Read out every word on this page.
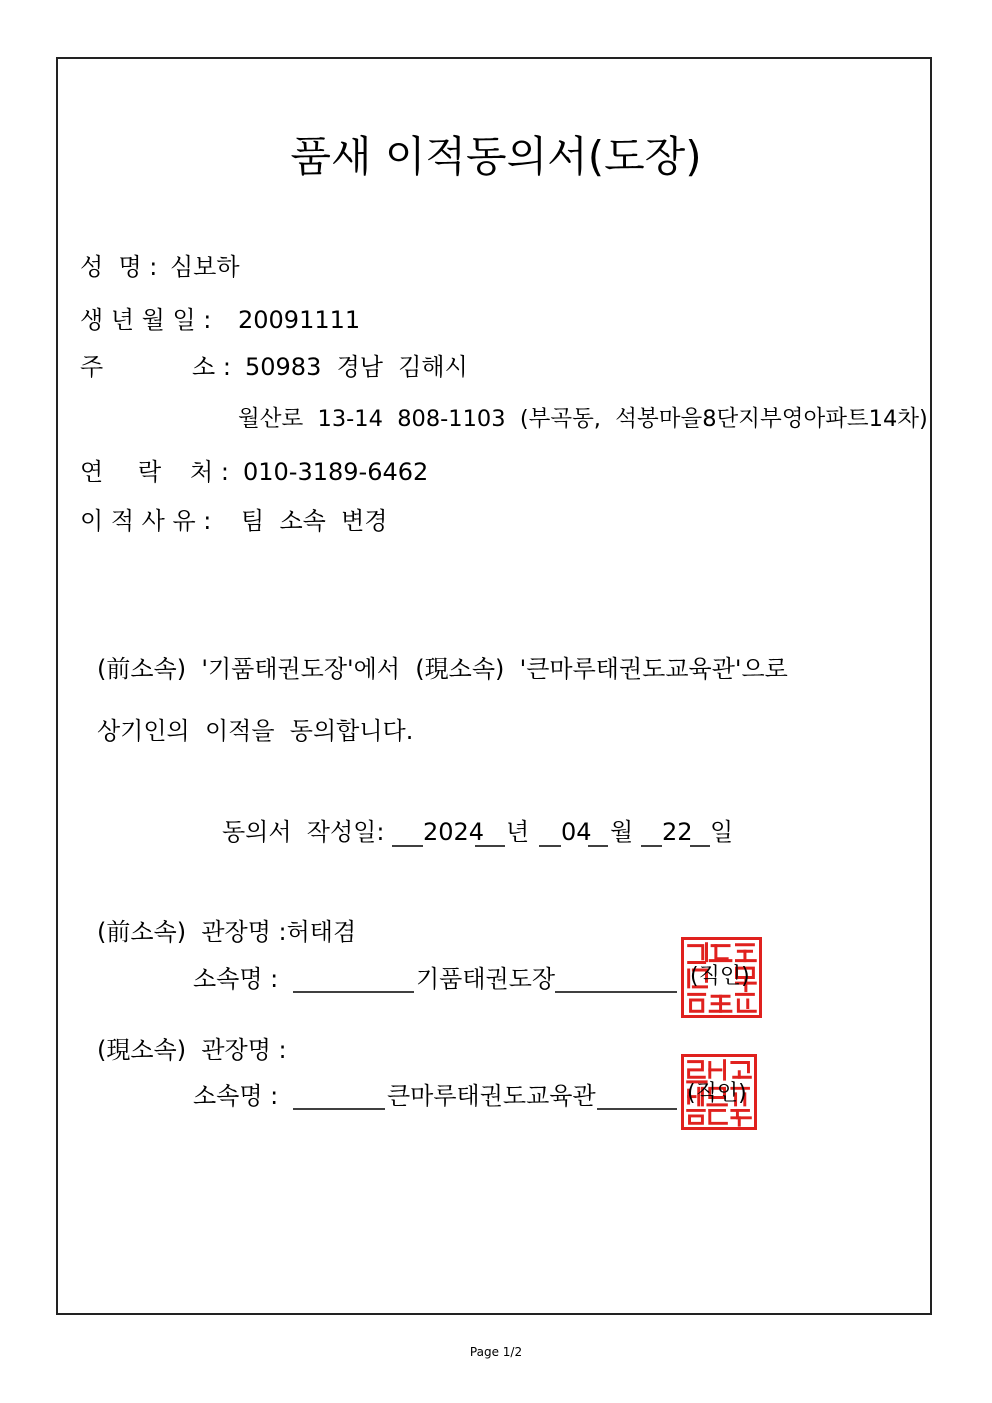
품새 이적동의서(도장)
성  명 : 심보하
생 년 월 일 : 20091111
주	소 : 50983  경남  김해시
월산로  13-14  808-1103  (부곡동,  석봉마을8단지부영아파트14차)
연 락 처 : 010-3189-6462
이 적 사 유 : 팀  소속  변경
(前소속)  '기품태권도장'에서  (現소속)  '큰마루태권도교육관'으로
상기인의  이적을  동의합니다.
동의서  작성일: 2024 년 04 월 22 일
(前소속)  관장명 :허태겸
소속명 :	기품태권도장	(직인)
(現소속)  관장명 :
소속명 :	큰마루태권도교육관	(직인)
Page 1/2
